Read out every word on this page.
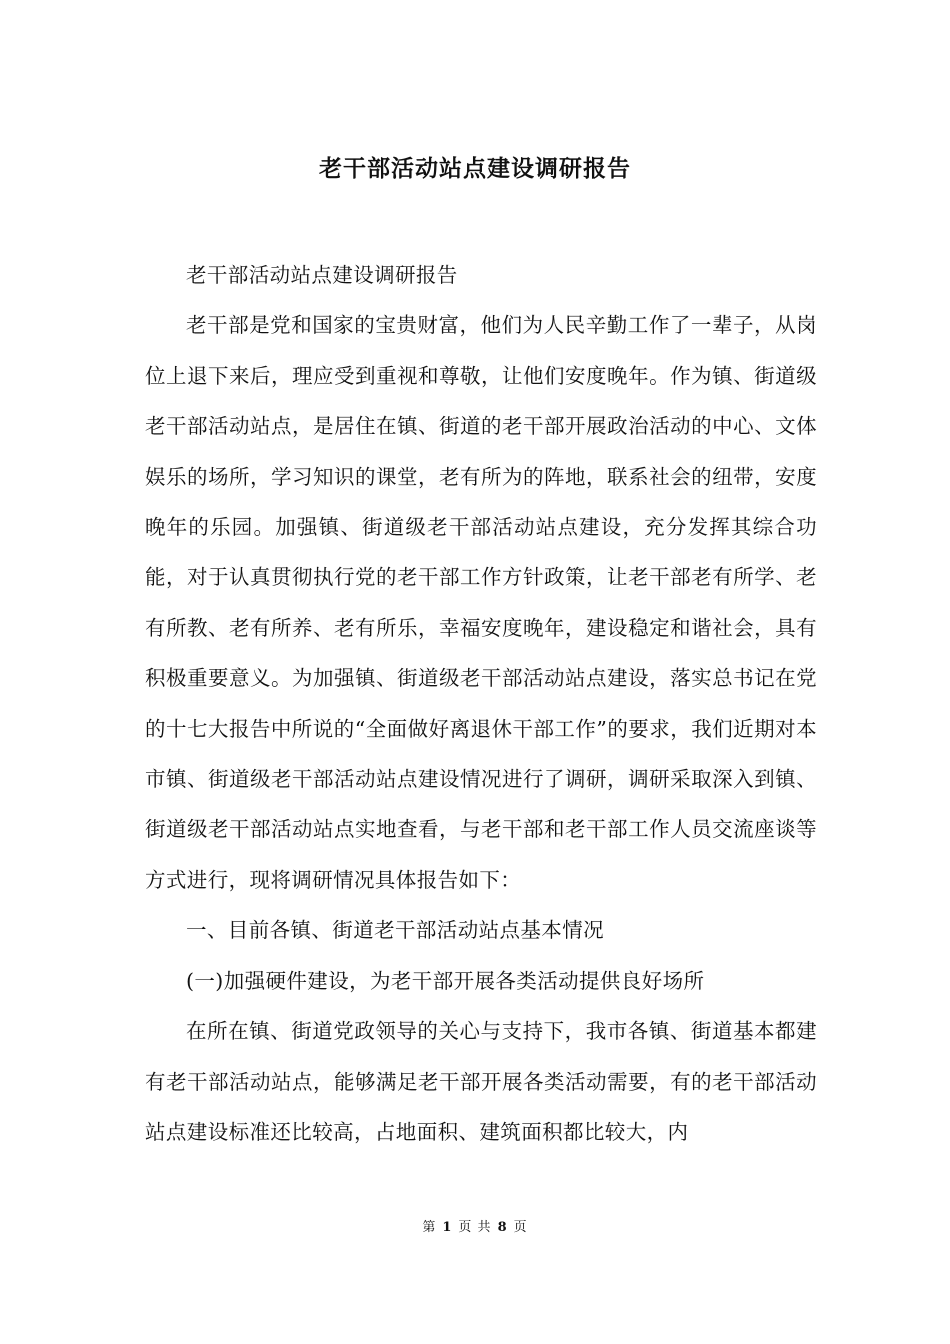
老干部活动站点建设调研报告

老干部活动站点建设调研报告

老干部是党和国家的宝贵财富，他们为人民辛勤工作了一辈子，从岗位上退下来后，理应受到重视和尊敬，让他们安度晚年。作为镇、街道级老干部活动站点，是居住在镇、街道的老干部开展政治活动的中心、文体娱乐的场所，学习知识的课堂，老有所为的阵地，联系社会的纽带，安度晚年的乐园。加强镇、街道级老干部活动站点建设，充分发挥其综合功能，对于认真贯彻执行党的老干部工作方针政策，让老干部老有所学、老有所教、老有所养、老有所乐，幸福安度晚年，建设稳定和谐社会，具有积极重要意义。为加强镇、街道级老干部活动站点建设，落实总书记在党的十七大报告中所说的“全面做好离退休干部工作”的要求，我们近期对本市镇、街道级老干部活动站点建设情况进行了调研，调研采取深入到镇、街道级老干部活动站点实地查看，与老干部和老干部工作人员交流座谈等方式进行，现将调研情况具体报告如下：

一、目前各镇、街道老干部活动站点基本情况

(一)加强硬件建设，为老干部开展各类活动提供良好场所

在所在镇、街道党政领导的关心与支持下，我市各镇、街道基本都建有老干部活动站点，能够满足老干部开展各类活动需要，有的老干部活动站点建设标准还比较高，占地面积、建筑面积都比较大，内

第 1 页 共 8 页
